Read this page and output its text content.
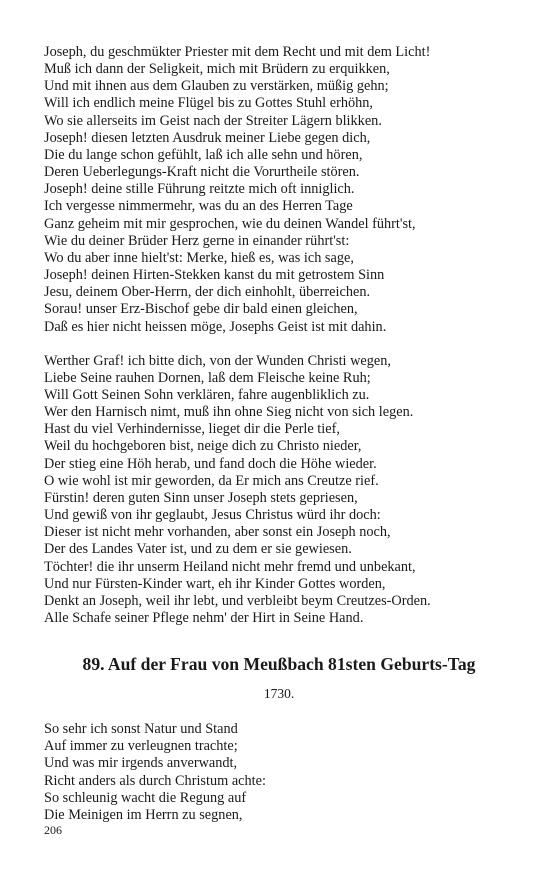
Joseph, du geschmükter Priester mit dem Recht und mit dem Licht!
Muß ich dann der Seligkeit, mich mit Brüdern zu erquikken,
Und mit ihnen aus dem Glauben zu verstärken, müßig gehn;
Will ich endlich meine Flügel bis zu Gottes Stuhl erhöhn,
Wo sie allerseits im Geist nach der Streiter Lägern blikken.
Joseph! diesen letzten Ausdruk meiner Liebe gegen dich,
Die du lange schon gefühlt, laß ich alle sehn und hören,
Deren Ueberlegungs-Kraft nicht die Vorurtheile stören.
Joseph! deine stille Führung reitzte mich oft inniglich.
Ich vergesse nimmermehr, was du an des Herren Tage
Ganz geheim mit mir gesprochen, wie du deinen Wandel führt'st,
Wie du deiner Brüder Herz gerne in einander rührt'st:
Wo du aber inne hielt'st: Merke, hieß es, was ich sage,
Joseph! deinen Hirten-Stekken kanst du mit getrostem Sinn
Jesu, deinem Ober-Herrn, der dich einhohlt, überreichen.
Sorau! unser Erz-Bischof gebe dir bald einen gleichen,
Daß es hier nicht heissen möge, Josephs Geist ist mit dahin.
Werther Graf! ich bitte dich, von der Wunden Christi wegen,
Liebe Seine rauhen Dornen, laß dem Fleische keine Ruh;
Will Gott Seinen Sohn verklären, fahre augenbliklich zu.
Wer den Harnisch nimt, muß ihn ohne Sieg nicht von sich legen.
Hast du viel Verhindernisse, lieget dir die Perle tief,
Weil du hochgeboren bist, neige dich zu Christo nieder,
Der stieg eine Höh herab, und fand doch die Höhe wieder.
O wie wohl ist mir geworden, da Er mich ans Creutze rief.
Fürstin! deren guten Sinn unser Joseph stets gepriesen,
Und gewiß von ihr geglaubt, Jesus Christus würd ihr doch:
Dieser ist nicht mehr vorhanden, aber sonst ein Joseph noch,
Der des Landes Vater ist, und zu dem er sie gewiesen.
Töchter! die ihr unserm Heiland nicht mehr fremd und unbekant,
Und nur Fürsten-Kinder wart, eh ihr Kinder Gottes worden,
Denkt an Joseph, weil ihr lebt, und verbleibt beym Creutzes-Orden.
Alle Schafe seiner Pflege nehm' der Hirt in Seine Hand.
89. Auf der Frau von Meußbach 81sten Geburts-Tag
1730.
So sehr ich sonst Natur und Stand
Auf immer zu verleugnen trachte;
Und was mir irgends anverwandt,
Richt anders als durch Christum achte:
So schleunig wacht die Regung auf
Die Meinigen im Herrn zu segnen,
206
